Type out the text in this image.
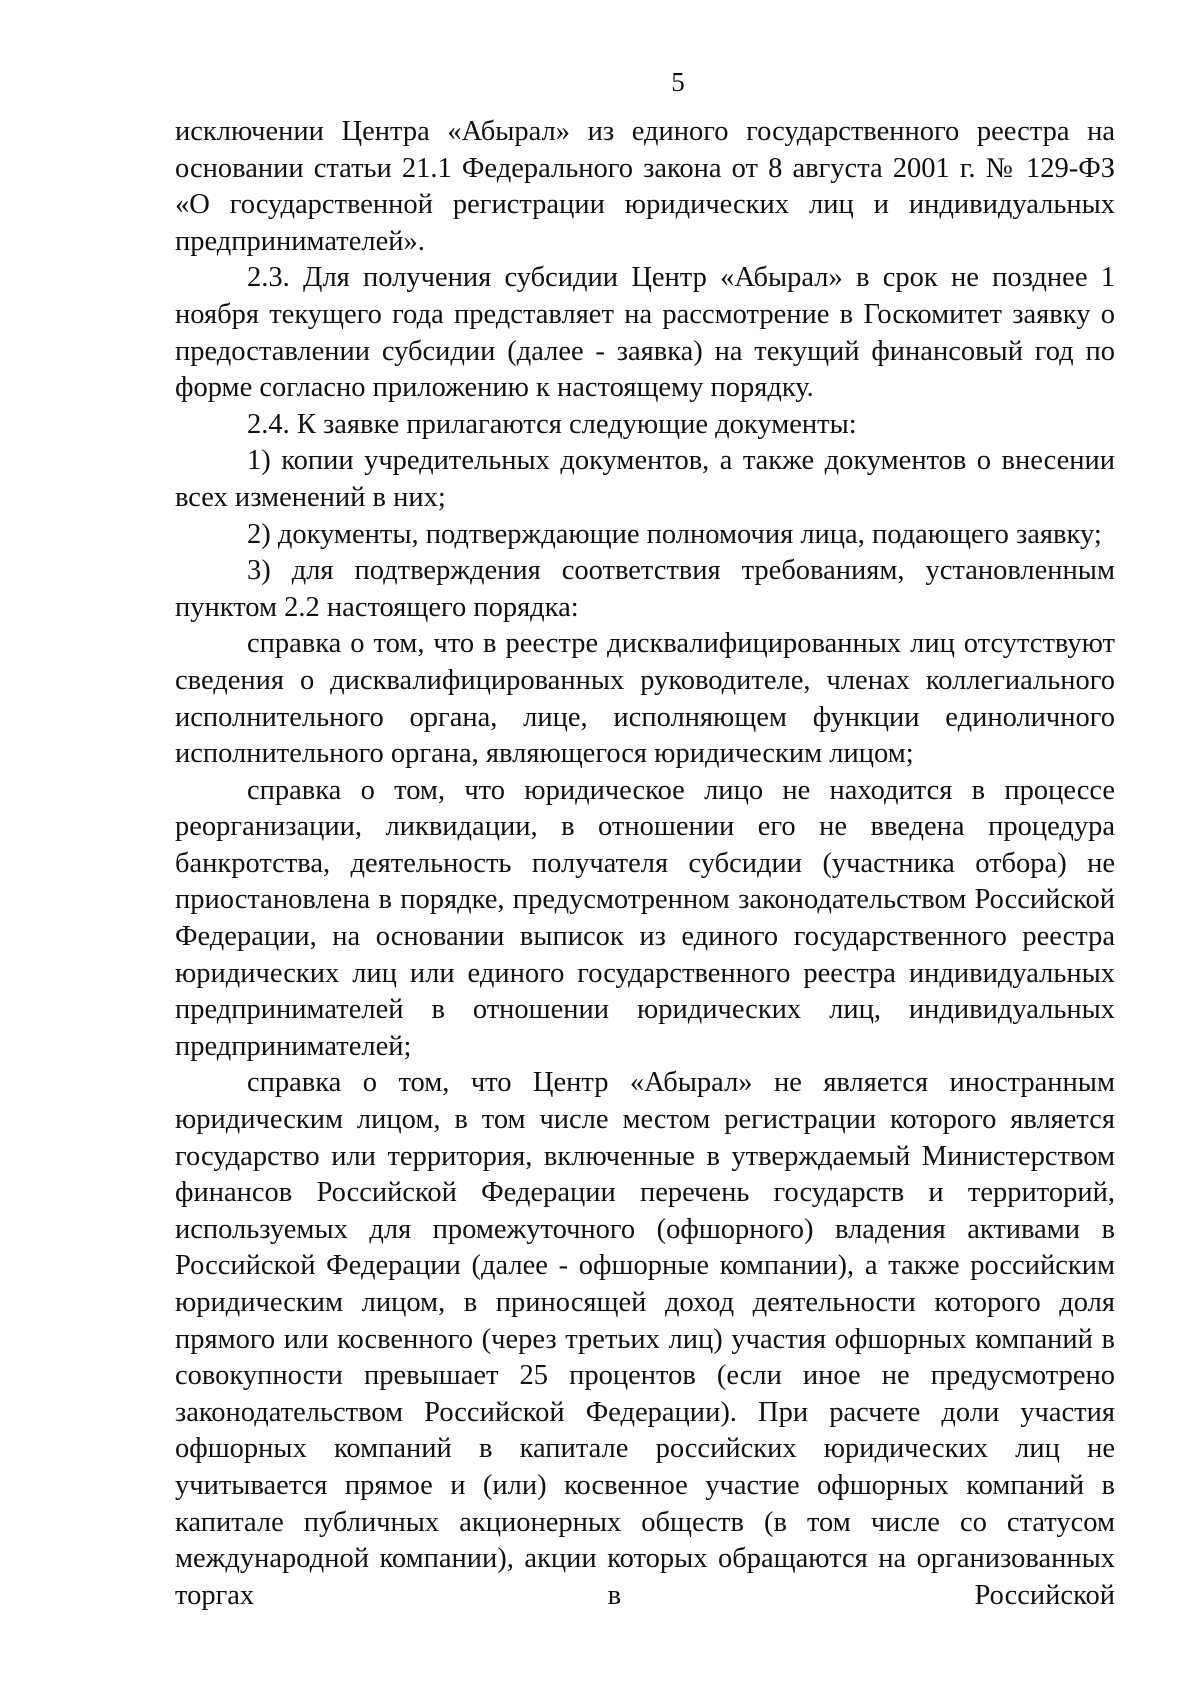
5

исключении Центра «Абырал» из единого государственного реестра на основании статьи 21.1 Федерального закона от 8 августа 2001 г. № 129-ФЗ «О государственной регистрации юридических лиц и индивидуальных предпринимателей».

2.3. Для получения субсидии Центр «Абырал» в срок не позднее 1 ноября текущего года представляет на рассмотрение в Госкомитет заявку о предоставлении субсидии (далее - заявка) на текущий финансовый год по форме согласно приложению к настоящему порядку.

2.4. К заявке прилагаются следующие документы:

1) копии учредительных документов, а также документов о внесении всех изменений в них;

2) документы, подтверждающие полномочия лица, подающего заявку;

3) для подтверждения соответствия требованиям, установленным пунктом 2.2 настоящего порядка:

справка о том, что в реестре дисквалифицированных лиц отсутствуют сведения о дисквалифицированных руководителе, членах коллегиального исполнительного органа, лице, исполняющем функции единоличного исполнительного органа, являющегося юридическим лицом;

справка о том, что юридическое лицо не находится в процессе реорганизации, ликвидации, в отношении его не введена процедура банкротства, деятельность получателя субсидии (участника отбора) не приостановлена в порядке, предусмотренном законодательством Российской Федерации, на основании выписок из единого государственного реестра юридических лиц или единого государственного реестра индивидуальных предпринимателей в отношении юридических лиц, индивидуальных предпринимателей;

справка о том, что Центр «Абырал» не является иностранным юридическим лицом, в том числе местом регистрации которого является государство или территория, включенные в утверждаемый Министерством финансов Российской Федерации перечень государств и территорий, используемых для промежуточного (офшорного) владения активами в Российской Федерации (далее - офшорные компании), а также российским юридическим лицом, в приносящей доход деятельности которого доля прямого или косвенного (через третьих лиц) участия офшорных компаний в совокупности превышает 25 процентов (если иное не предусмотрено законодательством Российской Федерации). При расчете доли участия офшорных компаний в капитале российских юридических лиц не учитывается прямое и (или) косвенное участие офшорных компаний в капитале публичных акционерных обществ (в том числе со статусом международной компании), акции которых обращаются на организованных торгах в Российской
